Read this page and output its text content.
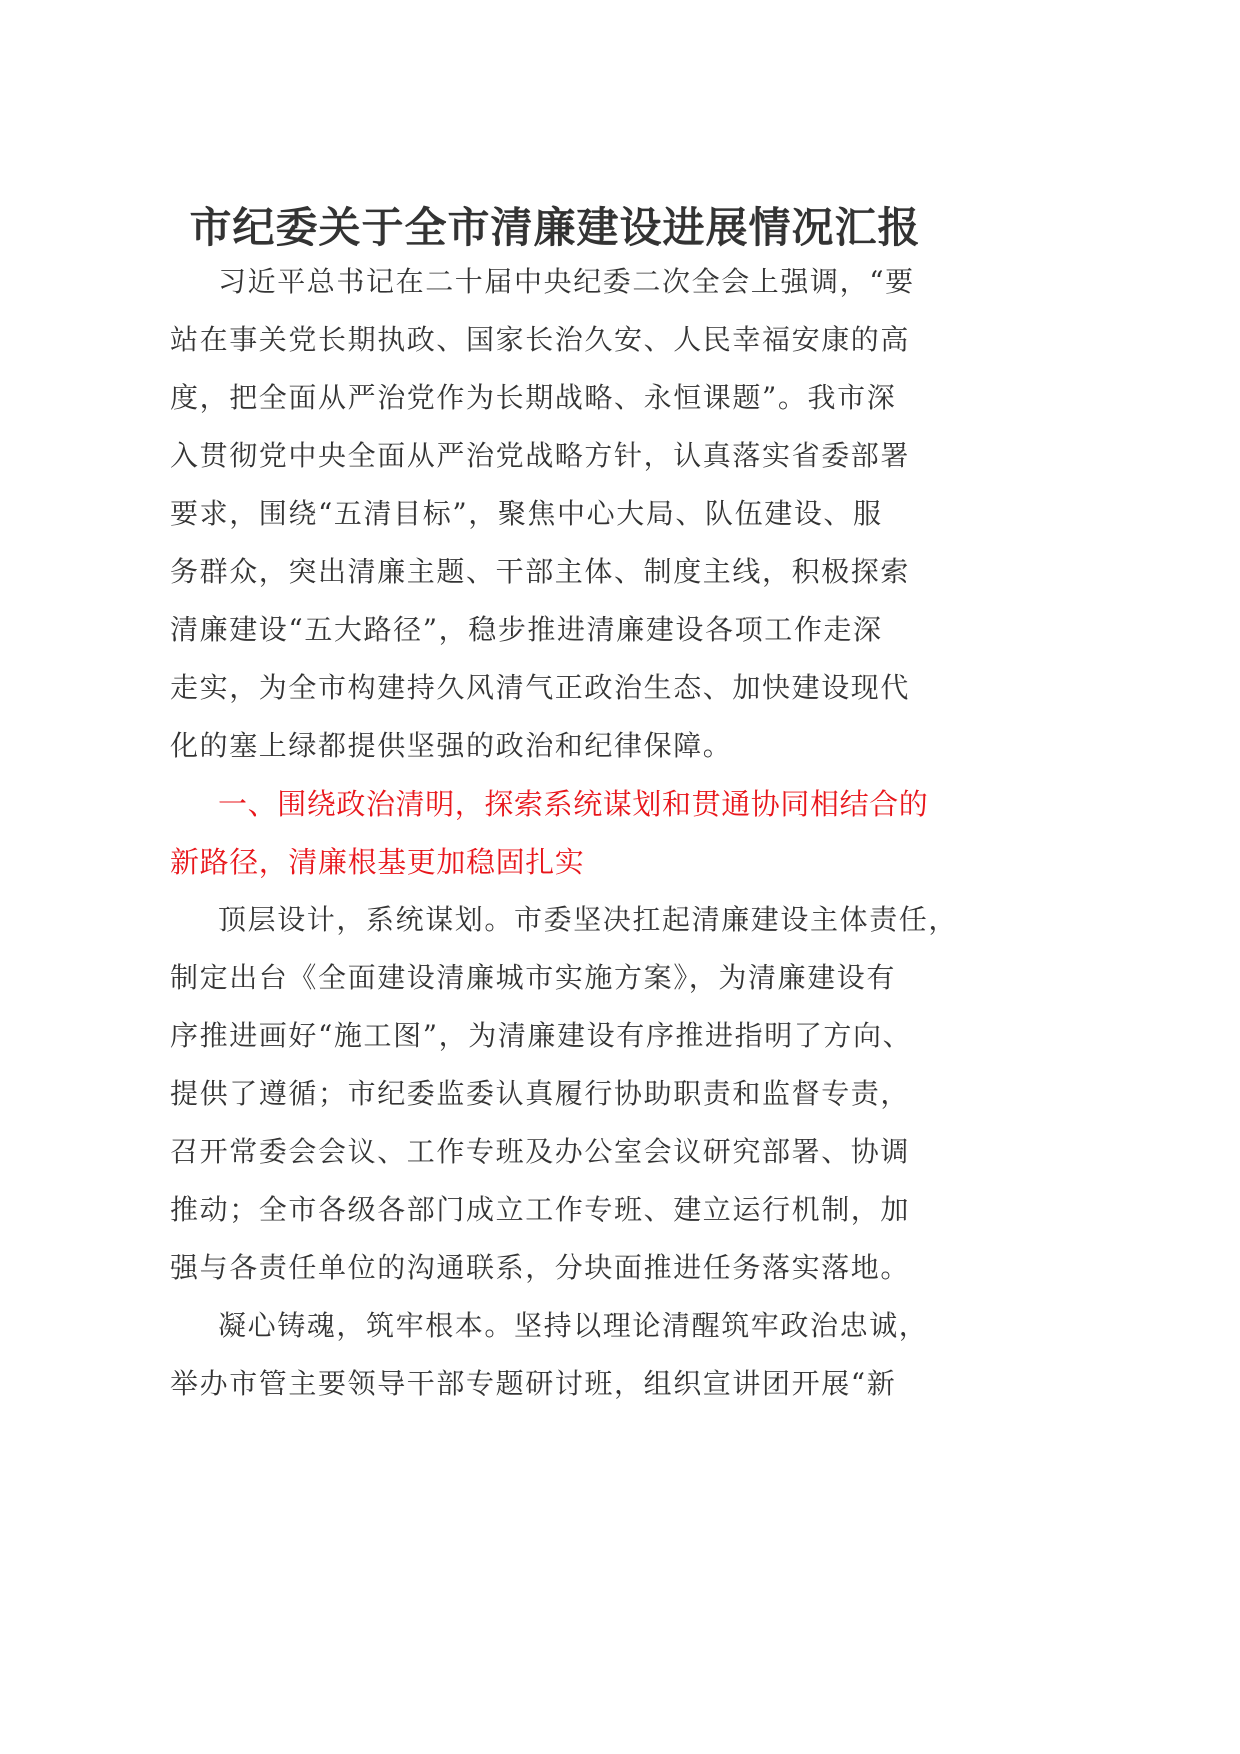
市纪委关于全市清廉建设进展情况汇报
习近平总书记在二十届中央纪委二次全会上强调，“要
站在事关党长期执政、国家长治久安、人民幸福安康的高
度，把全面从严治党作为长期战略、永恒课题”。我市深
入贯彻党中央全面从严治党战略方针，认真落实省委部署
要求，围绕“五清目标”，聚焦中心大局、队伍建设、服
务群众，突出清廉主题、干部主体、制度主线，积极探索
清廉建设“五大路径”，稳步推进清廉建设各项工作走深
走实，为全市构建持久风清气正政治生态、加快建设现代
化的塞上绿都提供坚强的政治和纪律保障。
一、围绕政治清明，探索系统谋划和贯通协同相结合的
新路径，清廉根基更加稳固扎实
顶层设计，系统谋划。市委坚决扛起清廉建设主体责任，
制定出台《全面建设清廉城市实施方案》，为清廉建设有
序推进画好“施工图”，为清廉建设有序推进指明了方向、
提供了遵循；市纪委监委认真履行协助职责和监督专责，
召开常委会会议、工作专班及办公室会议研究部署、协调
推动；全市各级各部门成立工作专班、建立运行机制，加
强与各责任单位的沟通联系，分块面推进任务落实落地。
凝心铸魂，筑牢根本。坚持以理论清醒筑牢政治忠诚，
举办市管主要领导干部专题研讨班，组织宣讲团开展“新
